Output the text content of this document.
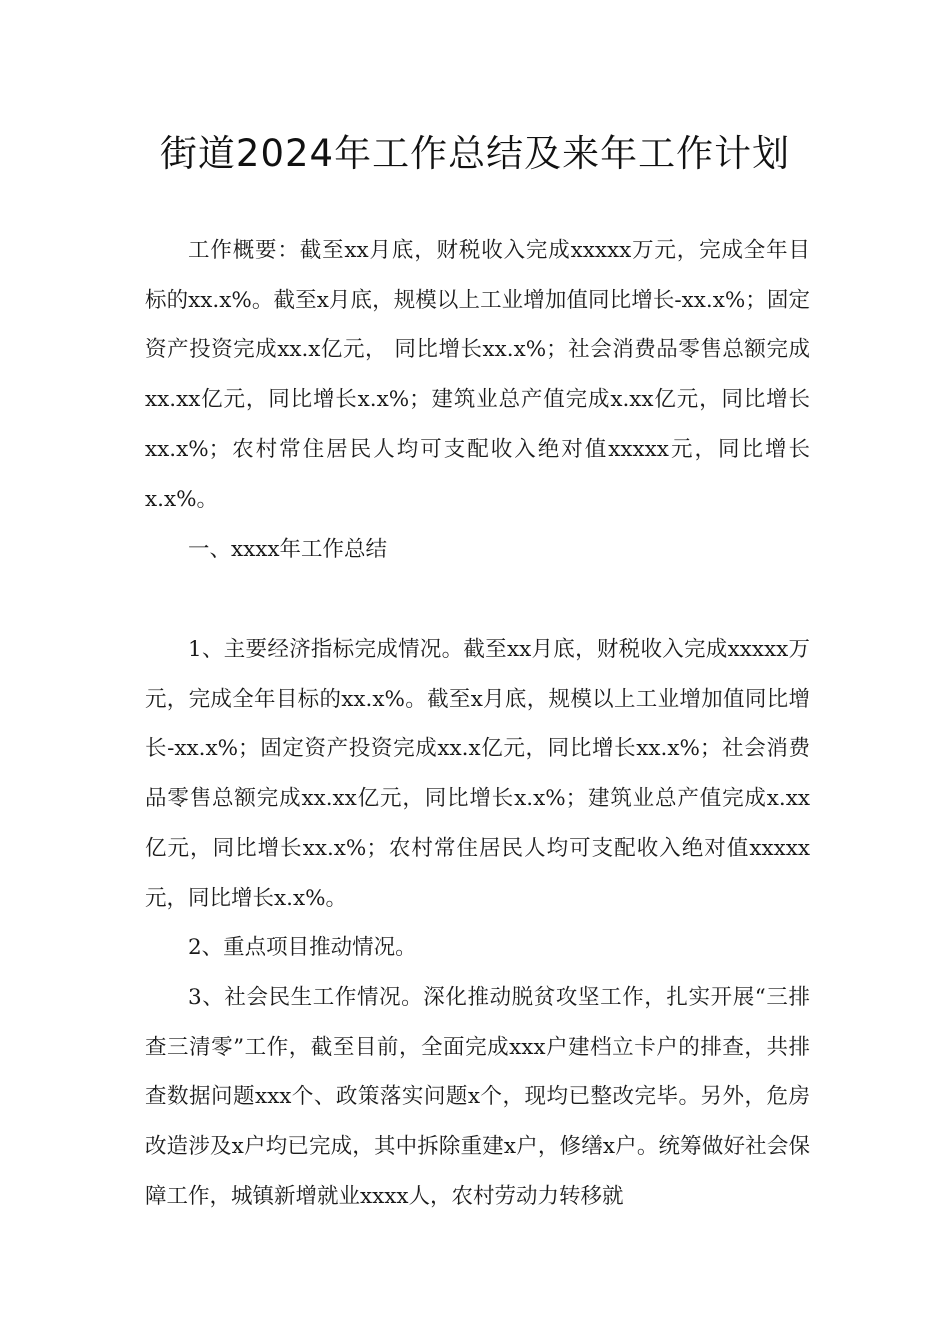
街道2024年工作总结及来年工作计划

工作概要：截至xx月底，财税收入完成xxxxx万元，完成全年目标的xx.x%。截至x月底，规模以上工业增加值同比增长-xx.x%；固定资产投资完成xx.x亿元， 同比增长xx.x%；社会消费品零售总额完成xx.xx亿元，同比增长x.x%；建筑业总产值完成x.xx亿元，同比增长xx.x%；农村常住居民人均可支配收入绝对值xxxxx元，同比增长x.x%。

一、xxxx年工作总结

1、主要经济指标完成情况。截至xx月底，财税收入完成xxxxx万元，完成全年目标的xx.x%。截至x月底，规模以上工业增加值同比增长-xx.x%；固定资产投资完成xx.x亿元，同比增长xx.x%；社会消费品零售总额完成xx.xx亿元，同比增长x.x%；建筑业总产值完成x.xx亿元，同比增长xx.x%；农村常住居民人均可支配收入绝对值xxxxx元，同比增长x.x%。

2、重点项目推动情况。

3、社会民生工作情况。深化推动脱贫攻坚工作，扎实开展“三排查三清零”工作，截至目前，全面完成xxx户建档立卡户的排查，共排查数据问题xxx个、政策落实问题x个，现均已整改完毕。另外，危房改造涉及x户均已完成，其中拆除重建x户，修缮x户。统筹做好社会保障工作，城镇新增就业xxxx人，农村劳动力转移就
